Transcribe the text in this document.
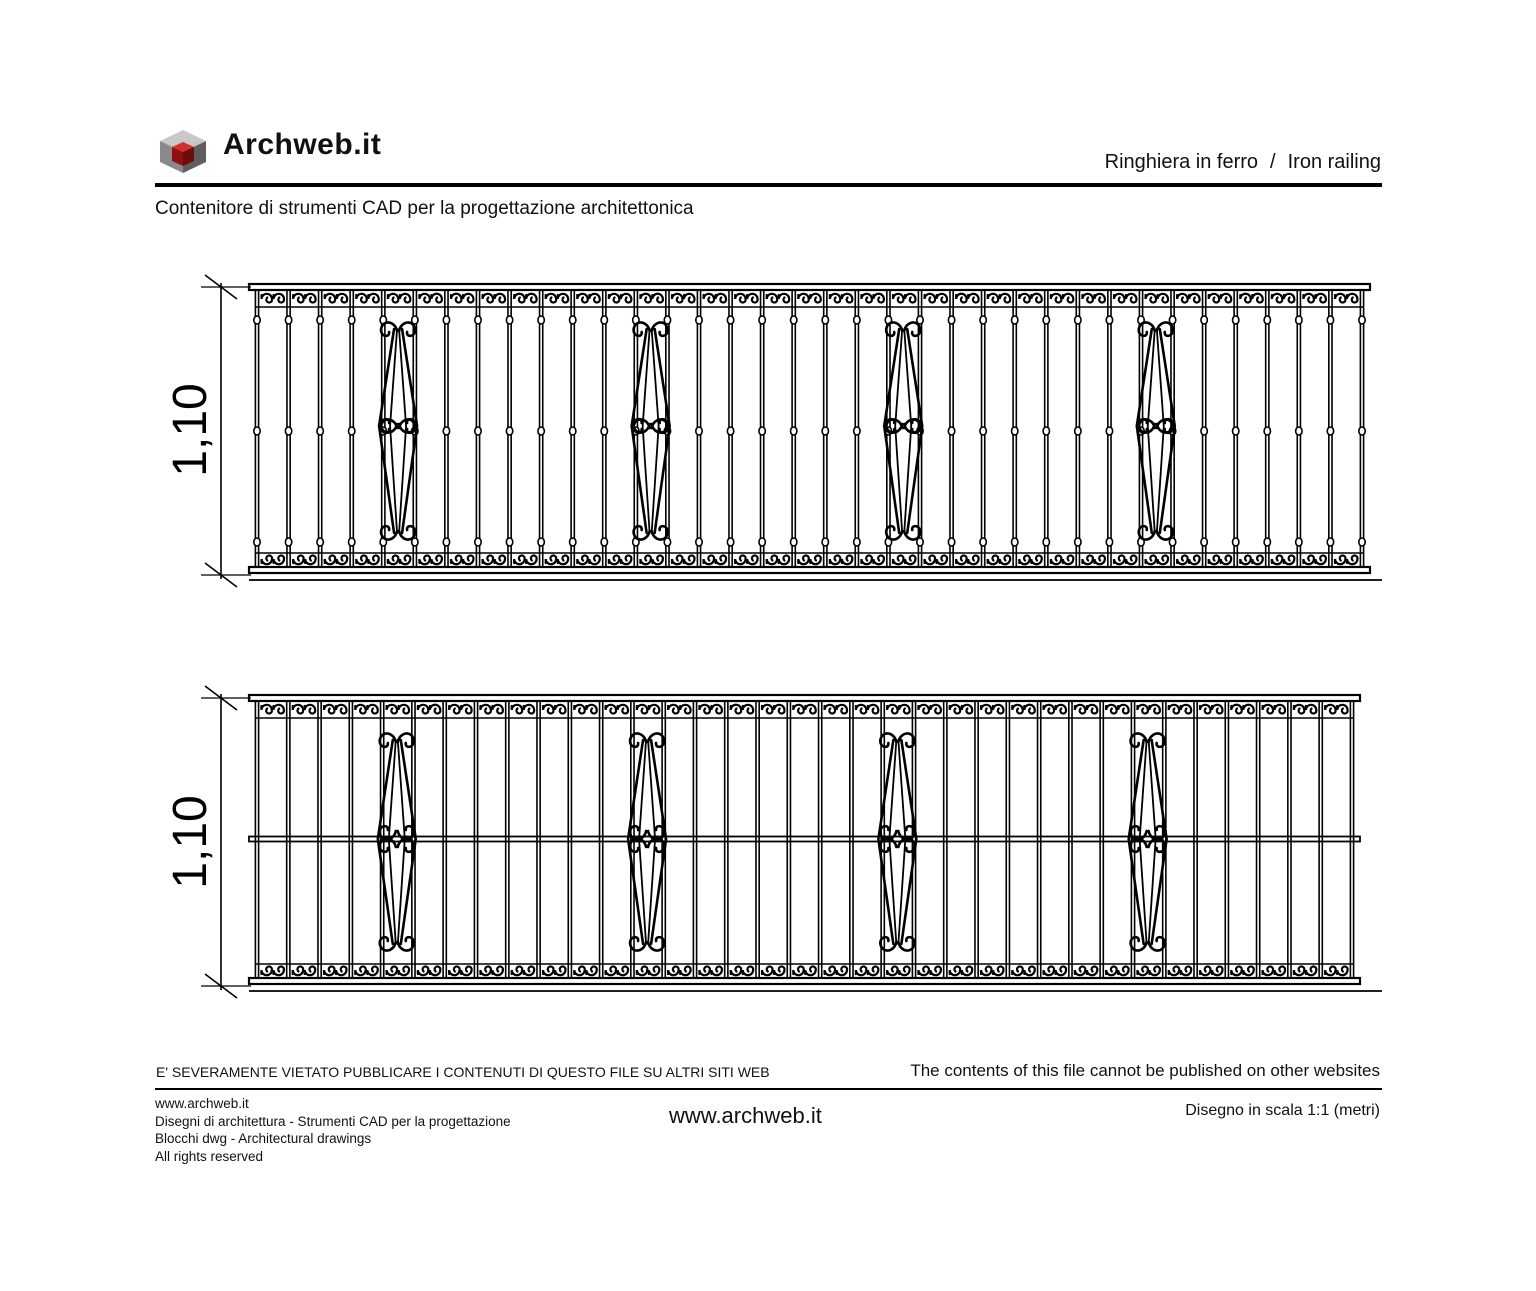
Archweb.it
Ringhiera in ferro / Iron railing
Contenitore di strumenti CAD per la progettazione architettonica
1,10
1,10
E' SEVERAMENTE VIETATO PUBBLICARE I CONTENUTI DI QUESTO FILE SU ALTRI SITI WEB	The contents of this file cannot be published on other websites
www.archweb.it
Disegni di architettura - Strumenti CAD per la progettazione
Blocchi dwg - Architectural drawings
All rights reserved
www.archweb.it	Disegno in scala 1:1 (metri)
